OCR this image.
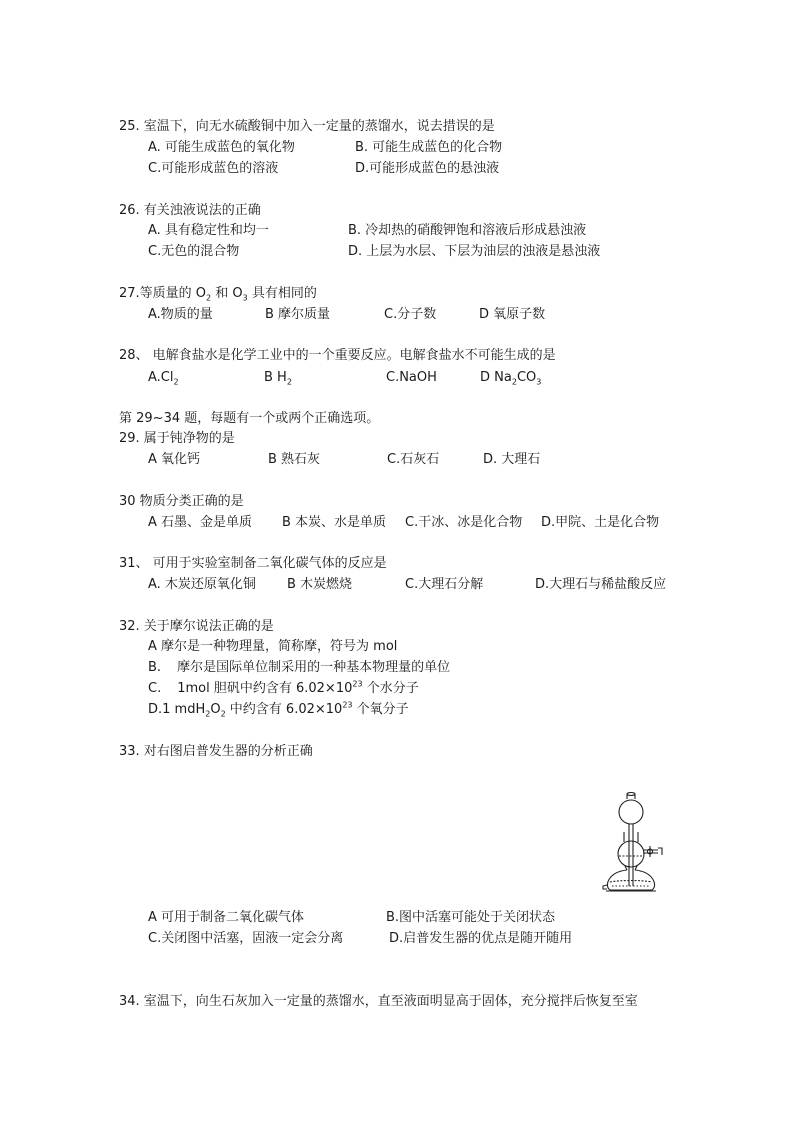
25. 室温下，向无水硫酸铜中加入一定量的蒸馏水，说去措误的是
A. 可能生成蓝色的氧化物	B. 可能生成蓝色的化合物
C.可能形成蓝色的溶液	D.可能形成蓝色的悬浊液
26. 有关浊液说法的正确
A. 具有稳定性和均一	B. 冷却热的硝酸钾饱和溶液后形成悬浊液
C.无色的混合物	D. 上层为水层、下层为油层的浊液是悬浊液
27.等质量的 $O_2$ 和 $O_3$ 具有相同的
A.物质的量	B 摩尔质量	C.分子数	D 氧原子数
28、 电解食盐水是化学工业中的一个重要反应。电解食盐水不可能生成的是
$A.Cl_2$	B $H_2$	C.NaOH	D $Na_2CO_3$
第 29~34 题，每题有一个或两个正确选项。
29. 属于钝净物的是
A 氧化钙	B 熟石灰	C.石灰石	D. 大理石
30 物质分类正确的是
A 石墨、金是单质 B 本炭、水是单质 C.干冰、冰是化合物 D.甲院、土是化合物
31、 可用于实验室制备二氧化碳气体的反应是
A. 木炭还原氧化铜 B 木炭燃烧	C.大理石分解	D.大理石与稀盐酸反应
32. 关于摩尔说法正确的是
A 摩尔是一种物理量，简称摩，符号为 mol
B. 摩尔是国际单位制采用的一种基本物理量的单位
C. 1mol 胆矾中约含有 $6.02\times 10^{23}$ 个水分子
D.1 $mdH_2O_2$ 中约含有 $6.02\times 10^{23}$ 个氧分子
33. 对右图启普发生器的分析正确
A 可用于制备二氧化碳气体	B.图中活塞可能处于关闭状态
C.关闭图中活塞，固液一定会分离	D.启普发生器的优点是随开随用
34. 室温下，向生石灰加入一定量的蒸馏水，直至液面明显高于固体，充分搅拌后恢复至室
